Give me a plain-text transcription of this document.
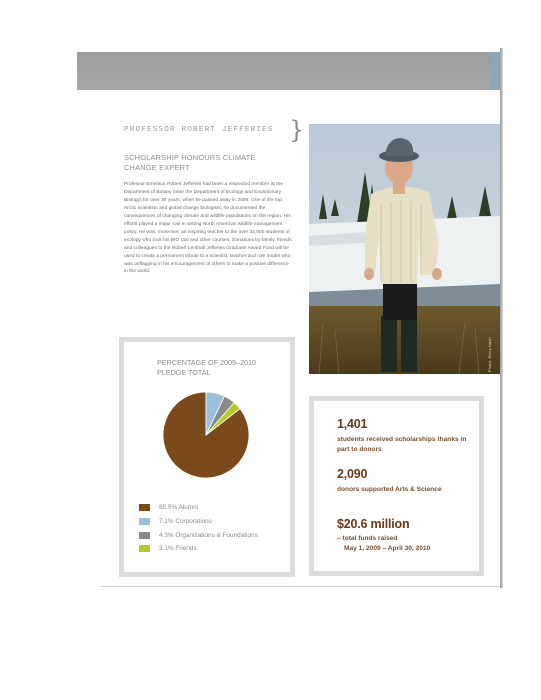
PROFESSOR ROBERT JEFFERIES }
SCHOLARSHIP HONOURS CLIMATE CHANGE EXPERT

Professor Emeritus Robert Jefferies had been a respected member at the Department of Botany (later the Department of Ecology and Evolutionary Biology) for over 30 years, when he passed away in 2009. One of the top Arctic scientists and global change biologists, he documented the consequences of changing climate and wildlife populations on the region. His efforts played a major role in setting North American wildlife management policy. He was, moreover, an inspiring teacher to the over 32,000 students of ecology who took his BIO 150 and other courses. Donations by family, friends and colleagues to the Robert Lenthall Jefferies Graduate Award Fund will be used to create a permanent tribute to a scientist, teacher and role model who was unflagging in his encouragement of others to make a positive difference in the world.

Photo: Gerry Nash
PERCENTAGE OF 2009–2010 PLEDGE TOTAL
85.5% Alumni
7.1% Corporations
4.3% Organizations & Foundations
3.1% Friends
1,401
students received scholarships thanks in part to donors
2,090
donors supported Arts & Science
$20.6 million
– total funds raised
May 1, 2009 – April 30, 2010
